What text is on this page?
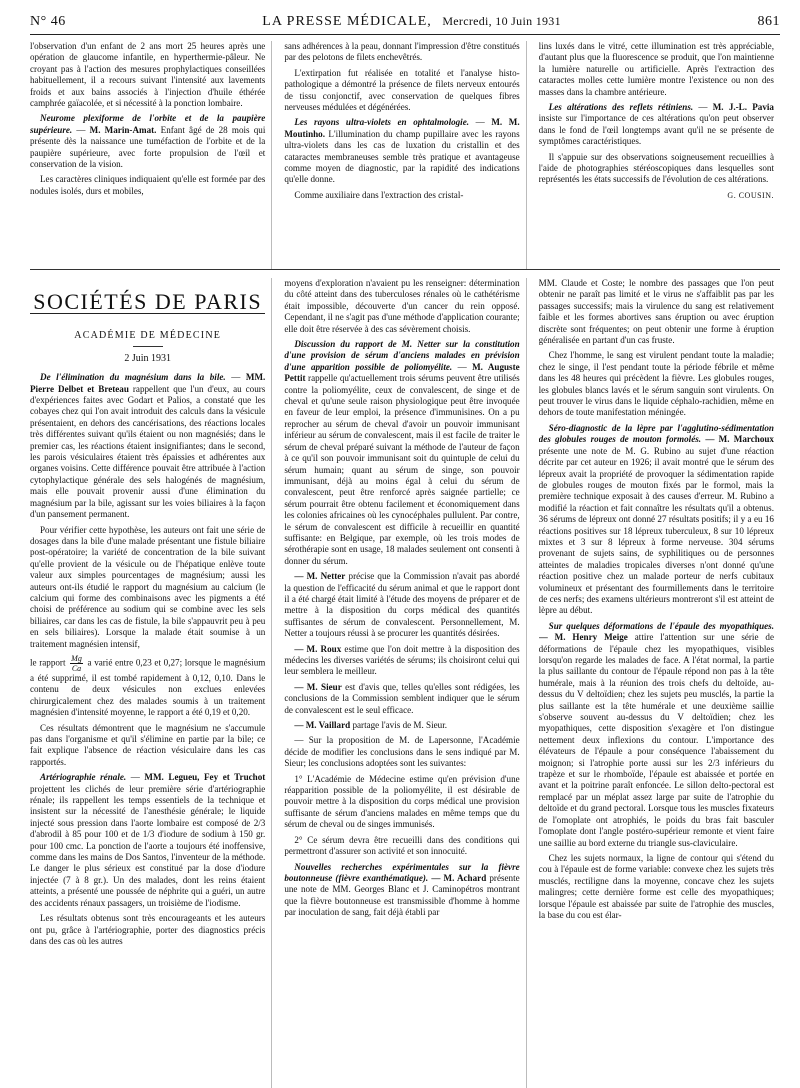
N° 46	LA PRESSE MÉDICALE, Mercredi, 10 Juin 1931	861

l'observation d'un enfant de 2 ans mort 25 heures après une opération de glaucome infantile, en hyperthermie-pâleur. Ne croyant pas à l'action des mesures prophylactiques conseillées habituellement, il a recours suivant l'intensité aux lavements froids et aux bains associés à l'injection d'huile éthérée camphrée gaïacolée, et si nécessité à la ponction lombaire.

Neurome plexiforme de l'orbite et de la paupière supérieure. — M. Marin-Amat. Enfant âgé de 28 mois qui présente dès la naissance une tuméfaction de l'orbite et de la paupière supérieure, avec forte propulsion de l'œil et conservation de la vision.

Les caractères cliniques indiquaient qu'elle est formée par des nodules isolés, durs et mobiles,

sans adhérences à la peau, donnant l'impression d'être constitués par des pelotons de filets enchevêtrés.

L'extirpation fut réalisée en totalité et l'analyse histo-pathologique a démontré la présence de filets nerveux entourés de tissu conjonctif, avec conservation de quelques fibres nerveuses médulées et dégénérées.

Les rayons ultra-violets en ophtalmologie. — M. M. Moutinho. L'illumination du champ pupillaire avec les rayons ultra-violets dans les cas de luxation du cristallin et des cataractes membraneuses semble très pratique et avantageuse comme moyen de diagnostic, par la rapidité des indications qu'elle donne.

Comme auxiliaire dans l'extraction des cristal-

lins luxés dans le vitré, cette illumination est très appréciable, d'autant plus que la fluorescence se produit, que l'on maintienne la lumière naturelle ou artificielle. Après l'extraction des cataractes molles cette lumière montre l'existence ou non des masses dans la chambre antérieure.

Les altérations des reflets rétiniens. — M. J.-L. Pavia insiste sur l'importance de ces altérations qu'on peut observer dans le fond de l'œil longtemps avant qu'il ne se présente de symptômes caractéristiques.

Il s'appuie sur des observations soigneusement recueillies à l'aide de photographies stéréoscopiques dans lesquelles sont représentés les états successifs de l'évolution de ces altérations.

G. COUSIN.
SOCIÉTÉS DE PARIS
ACADÉMIE DE MÉDECINE
2 Juin 1931

De l'élimination du magnésium dans la bile. — MM. Pierre Delbet et Breteau rappellent que l'un d'eux, au cours d'expériences faites avec Godart et Palios, a constaté que les cobayes chez qui l'on avait introduit des calculs dans la vésicule présentaient, en dehors des cancérisations, des réactions locales très différentes suivant qu'ils étaient ou non magnésiés; dans le premier cas, les réactions étaient insignifiantes; dans le second, les parois vésiculaires étaient très épaissies et adhérentes aux organes voisins. Cette différence pouvait être attribuée à l'action cytophylactique générale des sels halogénés de magnésium, mais elle pouvait provenir aussi d'une élimination du magnésium par la bile, agissant sur les voies biliaires à la façon d'un pansement permanent.

Pour vérifier cette hypothèse, les auteurs ont fait une série de dosages dans la bile d'une malade présentant une fistule biliaire post-opératoire; la variété de concentration de la bile suivant qu'elle provient de la vésicule ou de l'hépatique enlève toute valeur aux simples pourcentages de magnésium; aussi les auteurs ont-ils étudié le rapport du magnésium au calcium (le calcium qui forme des combinaisons avec les pigments a été choisi de préférence au sodium qui se combine avec les sels biliaires, car dans les cas de fistule, la bile s'appauvrit peu à peu en sels biliaires). Lorsque la malade était soumise à un traitement magnésien intensif,

le rapport $\frac{Mg}{Ca}$ a varié entre 0,23 et 0,27; lorsque le magnésium a été supprimé, il est tombé rapidement à 0,12, 0,10. Dans le contenu de deux vésicules non exclues enlevées chirurgicalement chez des malades soumis à un traitement magnésien d'intensité moyenne, le rapport a été 0,19 et 0,20.

Ces résultats démontrent que le magnésium ne s'accumule pas dans l'organisme et qu'il s'élimine en partie par la bile; ce fait explique l'absence de réaction vésiculaire dans les cas rapportés.

Artériographie rénale. — MM. Legueu, Fey et Truchot projettent les clichés de leur première série d'artériographie rénale; ils rappellent les temps essentiels de la technique et insistent sur la nécessité de l'anesthésie générale; le liquide injecté sous pression dans l'aorte lombaire est composé de 2/3 d'abrodil à 85 pour 100 et de 1/3 d'iodure de sodium à 150 gr. pour 100 cmc. La ponction de l'aorte a toujours été inoffensive, comme dans les mains de Dos Santos, l'inventeur de la méthode. Le danger le plus sérieux est constitué par la dose d'iodure injectée (7 à 8 gr.). Un des malades, dont les reins étaient atteints, a présenté une poussée de néphrite qui a guéri, un autre des accidents rénaux passagers, un troisième de l'iodisme.

Les résultats obtenus sont très encourageants et les auteurs ont pu, grâce à l'artériographie, porter des diagnostics précis dans des cas où les autres

moyens d'exploration n'avaient pu les renseigner: détermination du côté atteint dans des tuberculoses rénales où le cathétérisme était impossible, découverte d'un cancer du rein opposé. Cependant, il ne s'agit pas d'une méthode d'application courante; elle doit être réservée à des cas sévèrement choisis.

Discussion du rapport de M. Netter sur la constitution d'une provision de sérum d'anciens malades en prévision d'une apparition possible de poliomyélite. — M. Auguste Pettit rappelle qu'actuellement trois sérums peuvent être utilisés contre la poliomyélite, ceux de convalescent, de singe et de cheval et qu'une seule raison physiologique peut être invoquée en faveur de leur emploi, la présence d'immunisines. On a pu reprocher au sérum de cheval d'avoir un pouvoir immunisant inférieur au sérum de convalescent, mais il est facile de traiter le sérum de cheval préparé suivant la méthode de l'auteur de façon à ce qu'il son pouvoir immunisant soit du quintuple de celui du sérum humain; quant au sérum de singe, son pouvoir immunisant, déjà au moins égal à celui du sérum de convalescent, peut être renforcé après saignée partielle; ce sérum pourrait être obtenu facilement et économiquement dans les colonies africaines où les cynocéphales pullulent. Par contre, le sérum de convalescent est difficile à recueillir en quantité suffisante: en Belgique, par exemple, où les trois modes de sérothérapie sont en usage, 18 malades seulement ont consenti à donner du sérum.

— M. Netter précise que la Commission n'avait pas abordé la question de l'efficacité du sérum animal et que le rapport dont il a été chargé était limité à l'étude des moyens de préparer et de mettre à la disposition du corps médical des quantités suffisantes de sérum de convalescent. Personnellement, M. Netter a toujours réussi à se procurer les quantités désirées.

— M. Roux estime que l'on doit mettre à la disposition des médecins les diverses variétés de sérums; ils choisiront celui qui leur semblera le meilleur.

— M. Sieur est d'avis que, telles qu'elles sont rédigées, les conclusions de la Commission semblent indiquer que le sérum de convalescent est le seul efficace.

— M. Vaillard partage l'avis de M. Sieur.

— Sur la proposition de M. de Lapersonne, l'Académie décide de modifier les conclusions dans le sens indiqué par M. Sieur; les conclusions adoptées sont les suivantes:

1° L'Académie de Médecine estime qu'en prévision d'une réapparition possible de la poliomyélite, il est désirable de pouvoir mettre à la disposition du corps médical une provision suffisante de sérum d'anciens malades en même temps que du sérum de cheval ou de singes immunisés.

2° Ce sérum devra être recueilli dans des conditions qui permettront d'assurer son activité et son innocuité.

Nouvelles recherches expérimentales sur la fièvre boutonneuse (fièvre exanthématique). — M. Achard présente une note de MM. Georges Blanc et J. Caminopétros montrant que la fièvre boutonneuse est transmissible d'homme à homme par inoculation de sang, fait déjà établi par

MM. Claude et Coste; le nombre des passages que l'on peut obtenir ne paraît pas limité et le virus ne s'affaiblit pas par les passages successifs; mais la virulence du sang est relativement faible et les formes abortives sans éruption ou avec éruption discrète sont fréquentes; on peut obtenir une forme à éruption généralisée en partant d'un cas fruste.

Chez l'homme, le sang est virulent pendant toute la maladie; chez le singe, il l'est pendant toute la période fébrile et même dans les 48 heures qui précèdent la fièvre. Les globules rouges, les globules blancs lavés et le sérum sanguin sont virulents. On peut trouver le virus dans le liquide céphalo-rachidien, même en dehors de toute manifestation méningée.

Séro-diagnostic de la lèpre par l'agglutino-sédimentation des globules rouges de mouton formolés. — M. Marchoux présente une note de M. G. Rubino au sujet d'une réaction décrite par cet auteur en 1926; il avait montré que le sérum des lépreux avait la propriété de provoquer la sédimentation rapide de globules rouges de mouton fixés par le formol, mais la première technique exposait à des causes d'erreur. M. Rubino a modifié la réaction et fait connaître les résultats qu'il a obtenus. 36 sérums de lépreux ont donné 27 résultats positifs; il y a eu 16 réactions positives sur 18 lépreux tuberculeux, 8 sur 10 lépreux mixtes et 3 sur 8 lépreux à forme nerveuse. 304 sérums provenant de sujets sains, de syphilitiques ou de personnes atteintes de maladies tropicales diverses n'ont donné qu'une réaction positive chez un malade porteur de nerfs cubitaux volumineux et présentant des fourmillements dans le territoire de ces nerfs; des examens ultérieurs montreront s'il est atteint de lèpre au début.

Sur quelques déformations de l'épaule des myopathiques. — M. Henry Meige attire l'attention sur une série de déformations de l'épaule chez les myopathiques, visibles lorsqu'on regarde les malades de face. A l'état normal, la partie la plus saillante du contour de l'épaule répond non pas à la tête humérale, mais à la réunion des trois chefs du deltoïde, au-dessus du V deltoïdien; chez les sujets peu musclés, la partie la plus saillante est la tête humérale et une deuxième saillie s'observe souvent au-dessus du V deltoïdien; chez les myopathiques, cette disposition s'exagère et l'on distingue nettement deux inflexions du contour. L'importance des élévateurs de l'épaule a pour conséquence l'abaissement du moignon; si l'atrophie porte aussi sur les 2/3 inférieurs du trapèze et sur le rhomboïde, l'épaule est abaissée et portée en avant et la poitrine paraît enfoncée. Le sillon delto-pectoral est remplacé par un méplat assez large par suite de l'atrophie du deltoïde et du grand pectoral. Lorsque tous les muscles fixateurs de l'omoplate ont atrophiés, le poids du bras fait basculer l'omoplate dont l'angle postéro-supérieur remonte et vient faire une saillie au bord externe du triangle sus-claviculaire.

Chez les sujets normaux, la ligne de contour qui s'étend du cou à l'épaule est de forme variable: convexe chez les sujets très musclés, rectiligne dans la moyenne, concave chez les sujets malingres; cette dernière forme est celle des myopathiques; lorsque l'épaule est abaissée par suite de l'atrophie des muscles, la base du cou est élar-
